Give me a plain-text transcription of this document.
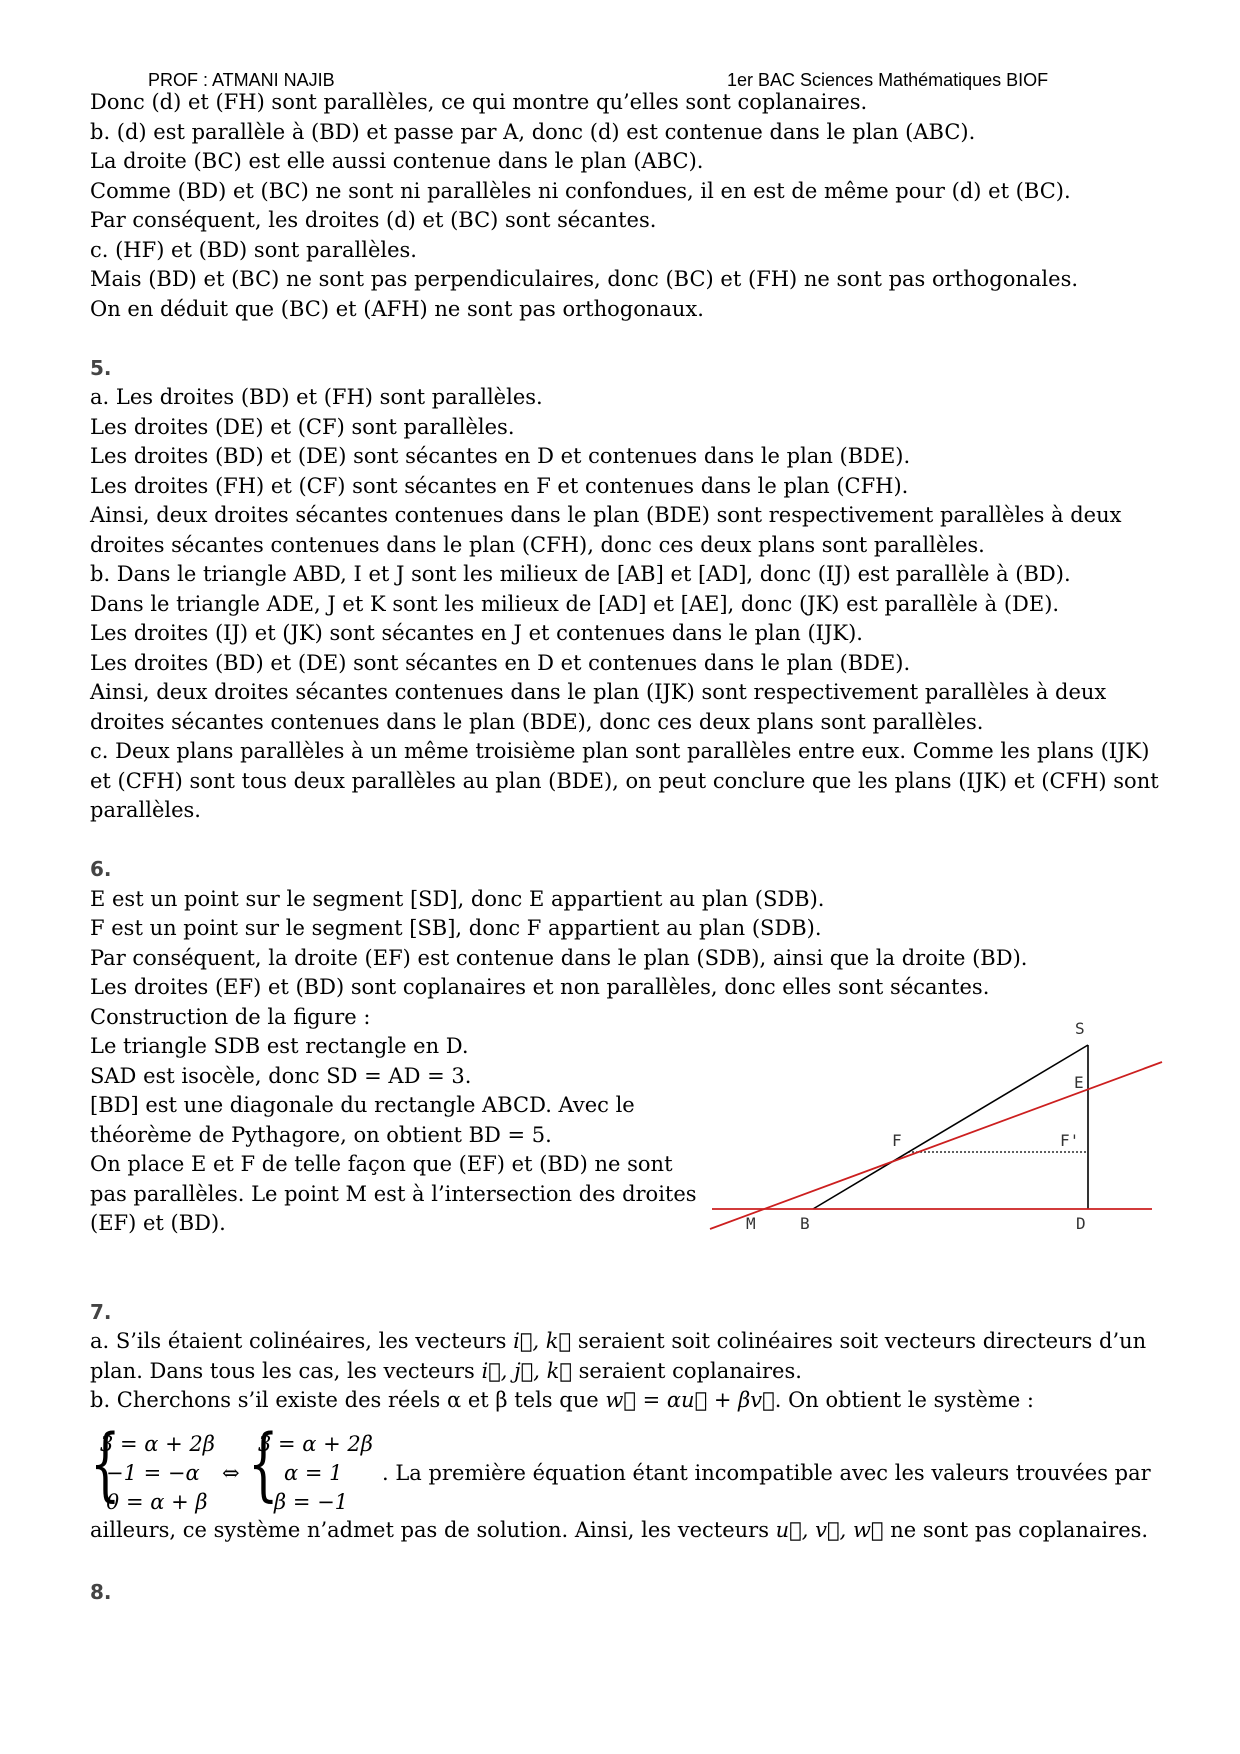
PROF : ATMANI NAJIB	1er BAC Sciences Mathématiques BIOF
Donc (d) et (FH) sont parallèles, ce qui montre qu’elles sont coplanaires.
b. (d) est parallèle à (BD) et passe par A, donc (d) est contenue dans le plan (ABC).
La droite (BC) est elle aussi contenue dans le plan (ABC).
Comme (BD) et (BC) ne sont ni parallèles ni confondues, il en est de même pour (d) et (BC).
Par conséquent, les droites (d) et (BC) sont sécantes.
c. (HF) et (BD) sont parallèles.
Mais (BD) et (BC) ne sont pas perpendiculaires, donc (BC) et (FH) ne sont pas orthogonales.
On en déduit que (BC) et (AFH) ne sont pas orthogonaux.
5.
a. Les droites (BD) et (FH) sont parallèles.
Les droites (DE) et (CF) sont parallèles.
Les droites (BD) et (DE) sont sécantes en D et contenues dans le plan (BDE).
Les droites (FH) et (CF) sont sécantes en F et contenues dans le plan (CFH).
Ainsi, deux droites sécantes contenues dans le plan (BDE) sont respectivement parallèles à deux
droites sécantes contenues dans le plan (CFH), donc ces deux plans sont parallèles.
b. Dans le triangle ABD, I et J sont les milieux de [AB] et [AD], donc (IJ) est parallèle à (BD).
Dans le triangle ADE, J et K sont les milieux de [AD] et [AE], donc (JK) est parallèle à (DE).
Les droites (IJ) et (JK) sont sécantes en J et contenues dans le plan (IJK).
Les droites (BD) et (DE) sont sécantes en D et contenues dans le plan (BDE).
Ainsi, deux droites sécantes contenues dans le plan (IJK) sont respectivement parallèles à deux
droites sécantes contenues dans le plan (BDE), donc ces deux plans sont parallèles.
c. Deux plans parallèles à un même troisième plan sont parallèles entre eux. Comme les plans (IJK)
et (CFH) sont tous deux parallèles au plan (BDE), on peut conclure que les plans (IJK) et (CFH) sont
parallèles.
6.
E est un point sur le segment [SD], donc E appartient au plan (SDB).
F est un point sur le segment [SB], donc F appartient au plan (SDB).
Par conséquent, la droite (EF) est contenue dans le plan (SDB), ainsi que la droite (BD).
Les droites (EF) et (BD) sont coplanaires et non parallèles, donc elles sont sécantes.
Construction de la figure :
Le triangle SDB est rectangle en D.
SAD est isocèle, donc SD = AD = 3.
[BD] est une diagonale du rectangle ABCD. Avec le
théorème de Pythagore, on obtient BD = 5.
On place E et F de telle façon que (EF) et (BD) ne sont
pas parallèles. Le point M est à l’intersection des droites
(EF) et (BD).
7.
a. S’ils étaient colinéaires, les vecteurs i⃗, k⃗ seraient soit colinéaires soit vecteurs directeurs d’un
plan. Dans tous les cas, les vecteurs i⃗, j⃗, k⃗ seraient coplanaires.
b. Cherchons s’il existe des réels α et β tels que w⃗ = αu⃗ + βv⃗. On obtient le système :
{
3 = α + 2β
−1 = −α
0 = α + β
⇔ {
3 = α + 2β
α = 1
β = −1
. La première équation étant incompatible avec les valeurs trouvées par
ailleurs, ce système n’admet pas de solution. Ainsi, les vecteurs u⃗, v⃗, w⃗ ne sont pas coplanaires.
8.
S
E
F	F'
M	B	D
